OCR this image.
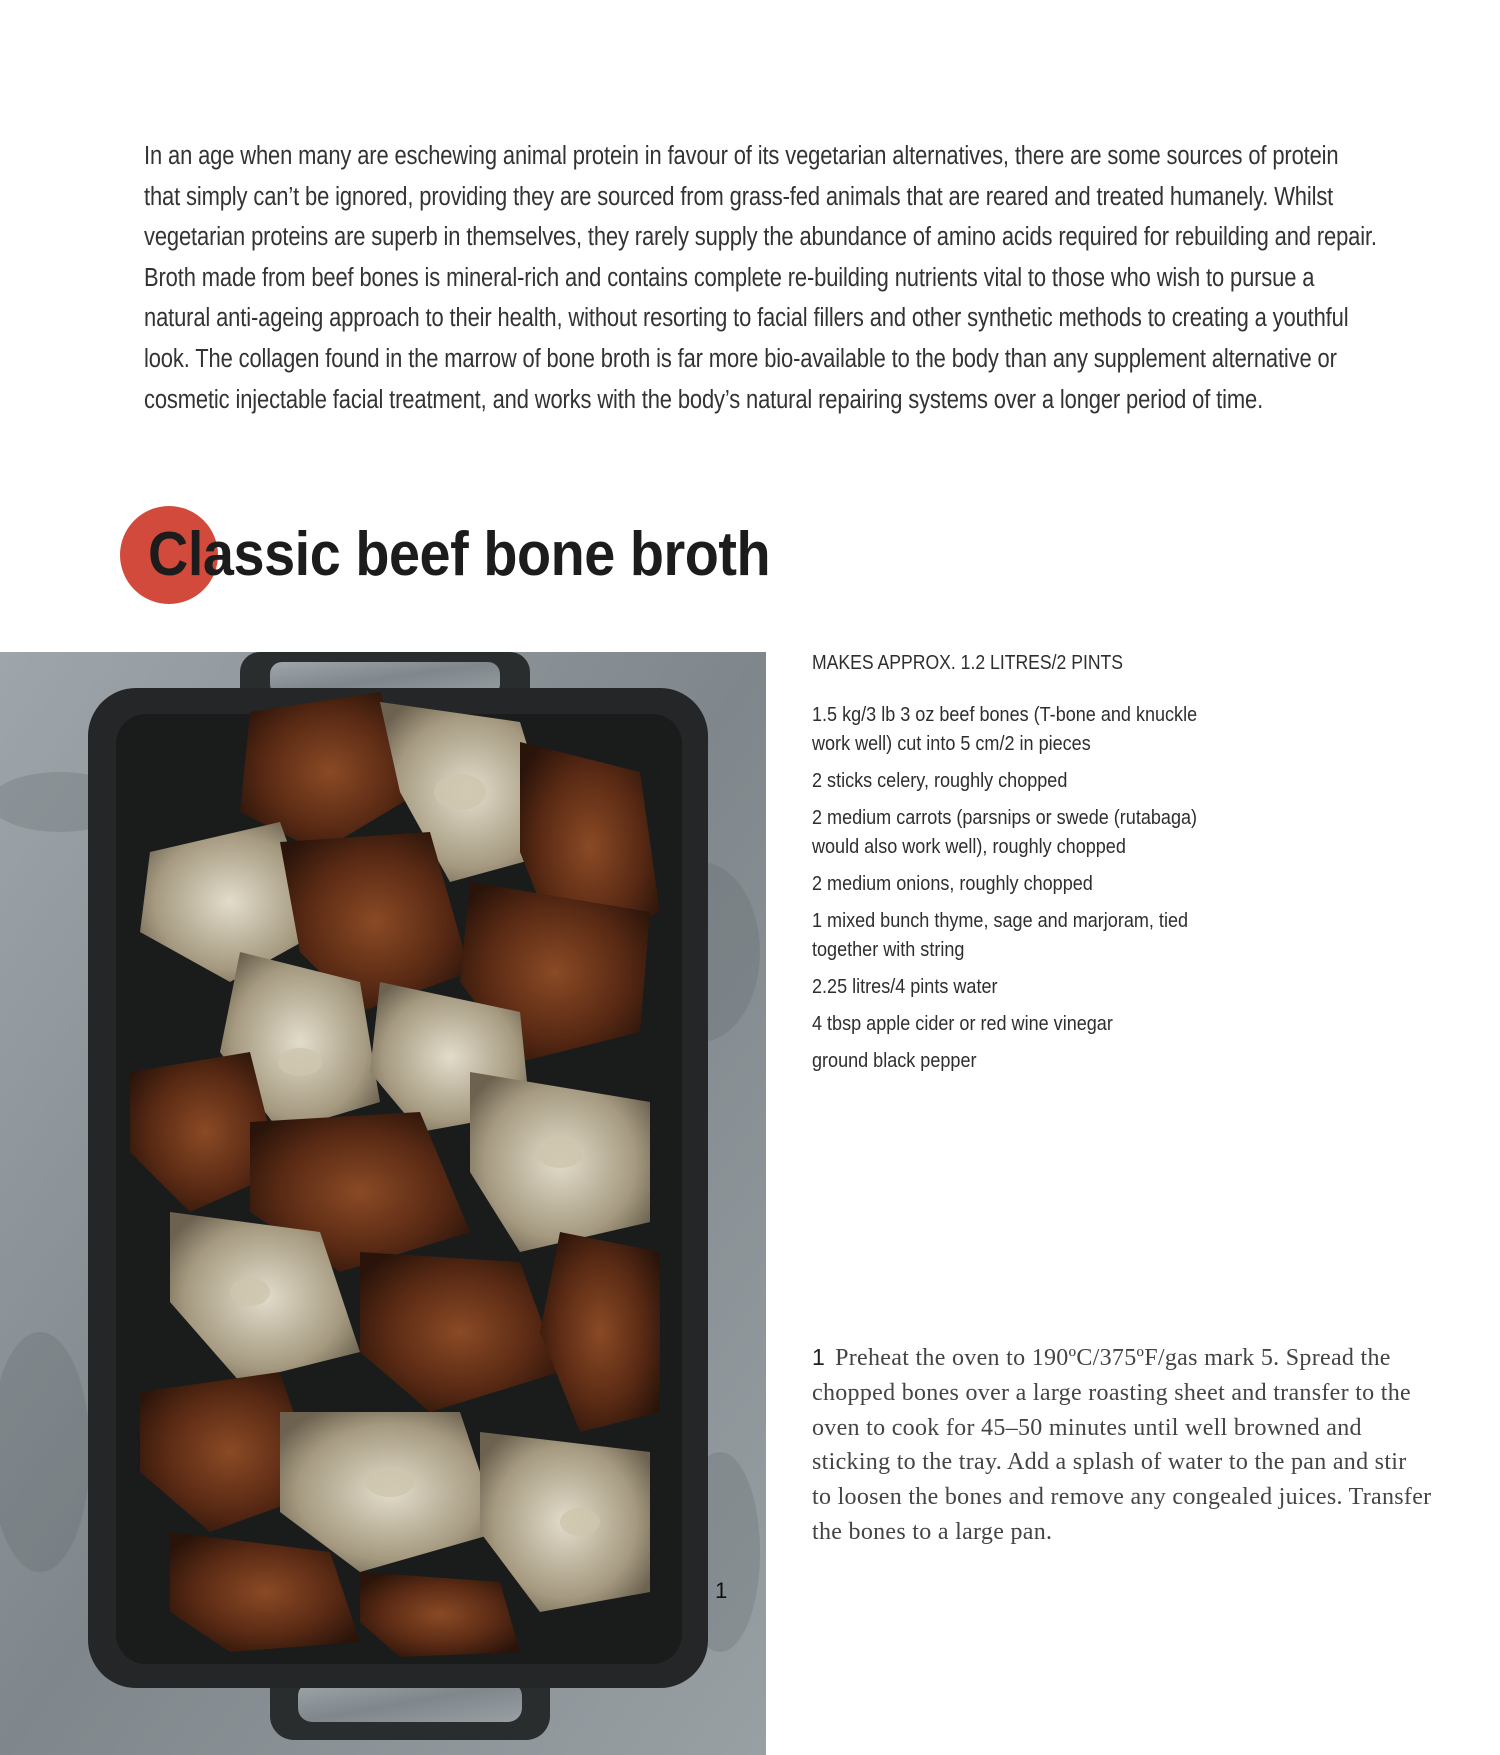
In an age when many are eschewing animal protein in favour of its vegetarian alternatives, there are some sources of protein that simply can’t be ignored, providing they are sourced from grass-fed animals that are reared and treated humanely. Whilst vegetarian proteins are superb in themselves, they rarely supply the abundance of amino acids required for rebuilding and repair. Broth made from beef bones is mineral-rich and contains complete re-building nutrients vital to those who wish to pursue a natural anti-ageing approach to their health, without resorting to facial fillers and other synthetic methods to creating a youthful look. The collagen found in the marrow of bone broth is far more bio-available to the body than any supplement alternative or cosmetic injectable facial treatment, and works with the body’s natural repairing systems over a longer period of time.

Classic beef bone broth
1

MAKES APPROX. 1.2 LITRES/2 PINTS

1.5 kg/3 lb 3 oz beef bones (T-bone and knuckle work well) cut into 5 cm/2 in pieces
2 sticks celery, roughly chopped
2 medium carrots (parsnips or swede (rutabaga) would also work well), roughly chopped
2 medium onions, roughly chopped
1 mixed bunch thyme, sage and marjoram, tied together with string
2.25 litres/4 pints water
4 tbsp apple cider or red wine vinegar
ground black pepper

1 Preheat the oven to 190ºC/375ºF/gas mark 5. Spread the chopped bones over a large roasting sheet and transfer to the oven to cook for 45–50 minutes until well browned and sticking to the tray. Add a splash of water to the pan and stir to loosen the bones and remove any congealed juices. Transfer the bones to a large pan.
